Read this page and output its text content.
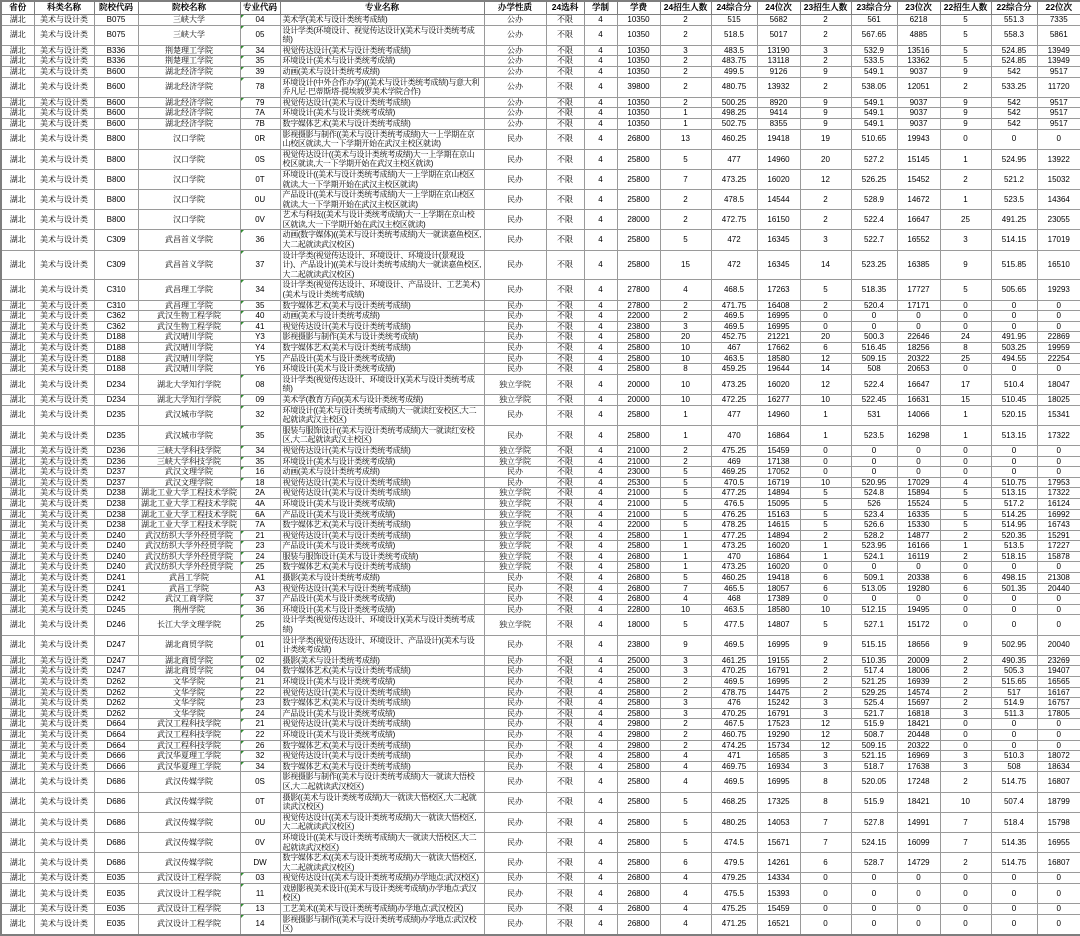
省份	科类名称	院校代码	院校名称	专业代码	专业名称	办学性质	24选科	学制	学费	24招生人数	24综合分	24位次	23招生人数	23综合分	23位次	22招生人数	22综合分	22位次
湖北	美术与设计类	B075	三峡大学	04	美术学(美术与设计类统考成绩)	公办	不限	4	10350	2	515	5682	2	561	6218	5	551.3	7335
湖北	美术与设计类	B075	三峡大学	05	设计学类(环境设计、视觉传达设计)(美术与设计类统考成绩)	公办	不限	4	10350	2	518.5	5017	2	567.65	4885	5	558.3	5861
湖北	美术与设计类	B336	荆楚理工学院	34	视觉传达设计(美术与设计类统考成绩)	公办	不限	4	10350	3	483.5	13190	3	532.9	13516	5	524.85	13949
湖北	美术与设计类	B336	荆楚理工学院	35	环境设计(美术与设计类统考成绩)	公办	不限	4	10350	2	483.75	13118	2	533.5	13362	5	524.85	13949
湖北	美术与设计类	B600	湖北经济学院	39	动画(美术与设计类统考成绩)	公办	不限	4	10350	2	499.5	9126	9	549.1	9037	9	542	9517
湖北	美术与设计类	B600	湖北经济学院	78	环境设计(中外合作办学)((美术与设计类统考成绩)与意大利乔凡尼·巴蒂斯塔·提埃坡罗美术学院合作)	公办	不限	4	39800	2	480.75	13932	2	538.05	12051	2	533.25	11720
湖北	美术与设计类	B600	湖北经济学院	79	视觉传达设计(美术与设计类统考成绩)	公办	不限	4	10350	2	500.25	8920	9	549.1	9037	9	542	9517
湖北	美术与设计类	B600	湖北经济学院	7A	环境设计(美术与设计类统考成绩)	公办	不限	4	10350	1	498.25	9414	9	549.1	9037	9	542	9517
湖北	美术与设计类	B600	湖北经济学院	7B	数字媒体艺术(美术与设计类统考成绩)	公办	不限	4	10350	1	502.75	8355	9	549.1	9037	9	542	9517
湖北	美术与设计类	B800	汉口学院	0R	影视摄影与制作((美术与设计类统考成绩)大一上学期在京山校区就读,大一下学期开始在武汉主校区就读)	民办	不限	4	26800	13	460.25	19418	19	510.65	19943	0	0	0
湖北	美术与设计类	B800	汉口学院	0S	视觉传达设计((美术与设计类统考成绩)大一上学期在京山校区就读,大一下学期开始在武汉主校区就读)	民办	不限	4	25800	5	477	14960	20	527.2	15145	1	524.95	13922
湖北	美术与设计类	B800	汉口学院	0T	环境设计((美术与设计类统考成绩)大一上学期在京山校区就读,大一下学期开始在武汉主校区就读)	民办	不限	4	25800	7	473.25	16020	12	526.25	15452	2	521.2	15032
湖北	美术与设计类	B800	汉口学院	0U	产品设计((美术与设计类统考成绩)大一上学期在京山校区就读,大一下学期开始在武汉主校区就读)	民办	不限	4	25800	2	478.5	14544	2	528.9	14672	1	523.5	14364
湖北	美术与设计类	B800	汉口学院	0V	艺术与科技((美术与设计类统考成绩)大一上学期在京山校区就读,大一下学期开始在武汉主校区就读)	民办	不限	4	28000	2	472.75	16150	2	522.4	16647	25	491.25	23055
湖北	美术与设计类	C309	武昌首义学院	36	动画(数字媒体)((美术与设计类统考成绩)大一就读嘉鱼校区,大二起就读武汉校区)	民办	不限	4	25800	5	472	16345	3	522.7	16552	3	514.15	17019
湖北	美术与设计类	C309	武昌首义学院	37	设计学类(视觉传达设计、环境设计、环境设计(景观设计)、产品设计)((美术与设计类统考成绩)大一就读嘉鱼校区,大二起就读武汉校区)	民办	不限	4	25800	15	472	16345	14	523.25	16385	9	515.85	16510
湖北	美术与设计类	C310	武昌理工学院	34	设计学类(视觉传达设计、环境设计、产品设计、工艺美术)(美术与设计类统考成绩)	民办	不限	4	27800	4	468.5	17263	5	518.35	17727	5	505.65	19293
湖北	美术与设计类	C310	武昌理工学院	35	数字媒体艺术(美术与设计类统考成绩)	民办	不限	4	27800	2	471.75	16408	2	520.4	17171	0	0	0
湖北	美术与设计类	C362	武汉生物工程学院	40	动画(美术与设计类统考成绩)	民办	不限	4	22000	2	469.5	16995	0	0	0	0	0	0
湖北	美术与设计类	C362	武汉生物工程学院	41	视觉传达设计(美术与设计类统考成绩)	民办	不限	4	23800	3	469.5	16995	0	0	0	0	0	0
湖北	美术与设计类	D188	武汉晴川学院	Y3	影视摄影与制作(美术与设计类统考成绩)	民办	不限	4	25800	20	452.75	21221	20	500.3	22646	24	491.95	22869
湖北	美术与设计类	D188	武汉晴川学院	Y4	数字媒体艺术(美术与设计类统考成绩)	民办	不限	4	25800	10	467	17662	6	516.45	18256	8	503.25	19959
湖北	美术与设计类	D188	武汉晴川学院	Y5	产品设计(美术与设计类统考成绩)	民办	不限	4	25800	10	463.5	18580	12	509.15	20322	25	494.55	22254
湖北	美术与设计类	D188	武汉晴川学院	Y6	环境设计(美术与设计类统考成绩)	民办	不限	4	25800	8	459.25	19644	14	508	20653	0	0	0
湖北	美术与设计类	D234	湖北大学知行学院	08	设计学类(视觉传达设计、环境设计)(美术与设计类统考成绩)	独立学院	不限	4	20000	10	473.25	16020	12	522.4	16647	17	510.4	18047
湖北	美术与设计类	D234	湖北大学知行学院	09	美术学(教育方向)(美术与设计类统考成绩)	独立学院	不限	4	20000	10	472.25	16277	10	522.45	16631	15	510.45	18025
湖北	美术与设计类	D235	武汉城市学院	32	环境设计((美术与设计类统考成绩)大一就读红安校区,大二起就读武汉主校区)	民办	不限	4	25800	1	477	14960	1	531	14066	1	520.15	15341
湖北	美术与设计类	D235	武汉城市学院	35	服装与服饰设计((美术与设计类统考成绩)大一就读红安校区,大二起就读武汉主校区)	民办	不限	4	25800	1	470	16864	1	523.5	16298	1	513.15	17322
湖北	美术与设计类	D236	三峡大学科技学院	34	视觉传达设计(美术与设计类统考成绩)	独立学院	不限	4	21000	2	475.25	15459	0	0	0	0	0	0
湖北	美术与设计类	D236	三峡大学科技学院	35	环境设计(美术与设计类统考成绩)	独立学院	不限	4	21000	2	469	17138	0	0	0	0	0	0
湖北	美术与设计类	D237	武汉文理学院	16	动画(美术与设计类统考成绩)	民办	不限	4	23000	5	469.25	17052	0	0	0	0	0	0
湖北	美术与设计类	D237	武汉文理学院	18	视觉传达设计(美术与设计类统考成绩)	民办	不限	4	25300	5	470.5	16719	10	520.95	17029	4	510.75	17953
湖北	美术与设计类	D238	湖北工业大学工程技术学院	2A	视觉传达设计(美术与设计类统考成绩)	独立学院	不限	4	21000	5	477.25	14894	5	524.8	15894	5	513.15	17322
湖北	美术与设计类	D238	湖北工业大学工程技术学院	4A	环境设计(美术与设计类统考成绩)	独立学院	不限	4	21000	5	476.5	15095	5	526	15524	5	517.2	16124
湖北	美术与设计类	D238	湖北工业大学工程技术学院	6A	产品设计(美术与设计类统考成绩)	独立学院	不限	4	21000	5	476.25	15163	5	523.4	16335	5	514.25	16992
湖北	美术与设计类	D238	湖北工业大学工程技术学院	7A	数字媒体艺术(美术与设计类统考成绩)	独立学院	不限	4	22000	5	478.25	14615	5	526.6	15330	5	514.95	16743
湖北	美术与设计类	D240	武汉纺织大学外经贸学院	21	视觉传达设计(美术与设计类统考成绩)	独立学院	不限	4	25800	1	477.25	14894	2	528.2	14877	2	520.35	15291
湖北	美术与设计类	D240	武汉纺织大学外经贸学院	23	产品设计(美术与设计类统考成绩)	独立学院	不限	4	25800	1	473.25	16020	1	523.95	16166	1	513.5	17227
湖北	美术与设计类	D240	武汉纺织大学外经贸学院	24	服装与服饰设计(美术与设计类统考成绩)	独立学院	不限	4	26800	1	470	16864	1	524.1	16119	2	518.15	15878
湖北	美术与设计类	D240	武汉纺织大学外经贸学院	25	数字媒体艺术(美术与设计类统考成绩)	独立学院	不限	4	25800	1	473.25	16020	0	0	0	0	0	0
湖北	美术与设计类	D241	武昌工学院	A1	摄影(美术与设计类统考成绩)	民办	不限	4	26800	5	460.25	19418	6	509.1	20338	6	498.15	21308
湖北	美术与设计类	D241	武昌工学院	A3	视觉传达设计(美术与设计类统考成绩)	民办	不限	4	26800	7	465.5	18057	6	513.05	19280	6	501.35	20440
湖北	美术与设计类	D242	武汉工商学院	37	产品设计(美术与设计类统考成绩)	民办	不限	4	26800	4	468	17389	0	0	0	0	0	0
湖北	美术与设计类	D245	荆州学院	36	环境设计(美术与设计类统考成绩)	民办	不限	4	22800	10	463.5	18580	10	512.15	19495	0	0	0
湖北	美术与设计类	D246	长江大学文理学院	25	设计学类(视觉传达设计、环境设计)(美术与设计类统考成绩)	独立学院	不限	4	18000	5	477.5	14807	5	527.1	15172	0	0	0
湖北	美术与设计类	D247	湖北商贸学院	01	设计学类(视觉传达设计、环境设计、产品设计)(美术与设计类统考成绩)	民办	不限	4	23800	9	469.5	16995	9	515.15	18656	9	502.95	20040
湖北	美术与设计类	D247	湖北商贸学院	02	摄影(美术与设计类统考成绩)	民办	不限	4	25000	3	461.25	19155	2	510.35	20009	2	490.35	23269
湖北	美术与设计类	D247	湖北商贸学院	04	数字媒体艺术(美术与设计类统考成绩)	民办	不限	4	25000	3	470.25	16791	2	517.4	18006	2	505.3	19407
湖北	美术与设计类	D262	文华学院	21	环境设计(美术与设计类统考成绩)	民办	不限	4	25800	2	469.5	16995	2	521.25	16939	2	515.65	16565
湖北	美术与设计类	D262	文华学院	22	视觉传达设计(美术与设计类统考成绩)	民办	不限	4	25800	2	478.75	14475	2	529.25	14574	2	517	16167
湖北	美术与设计类	D262	文华学院	23	数字媒体艺术(美术与设计类统考成绩)	民办	不限	4	25800	3	476	15242	3	525.4	15697	2	514.9	16757
湖北	美术与设计类	D262	文华学院	24	产品设计(美术与设计类统考成绩)	民办	不限	4	25800	3	470.25	16791	3	521.7	16818	3	511.3	17805
湖北	美术与设计类	D664	武汉工程科技学院	21	视觉传达设计(美术与设计类统考成绩)	民办	不限	4	29800	2	467.5	17523	12	515.9	18421	0	0	0
湖北	美术与设计类	D664	武汉工程科技学院	22	环境设计(美术与设计类统考成绩)	民办	不限	4	29800	2	460.75	19290	12	508.7	20448	0	0	0
湖北	美术与设计类	D664	武汉工程科技学院	26	数字媒体艺术(美术与设计类统考成绩)	民办	不限	4	29800	2	474.25	15734	12	509.15	20322	0	0	0
湖北	美术与设计类	D666	武汉华夏理工学院	32	视觉传达设计(美术与设计类统考成绩)	民办	不限	4	25800	4	471	16585	3	521.15	16969	3	510.3	18072
湖北	美术与设计类	D666	武汉华夏理工学院	34	数字媒体艺术(美术与设计类统考成绩)	民办	不限	4	25800	4	469.75	16934	3	518.7	17638	3	508	18634
湖北	美术与设计类	D686	武汉传媒学院	0S	影视摄影与制作((美术与设计类统考成绩)大一就读大悟校区,大二起就读武汉校区)	民办	不限	4	25800	4	469.5	16995	8	520.05	17248	2	514.75	16807
湖北	美术与设计类	D686	武汉传媒学院	0T	摄影((美术与设计类统考成绩)大一就读大悟校区,大二起就读武汉校区)	民办	不限	4	25800	5	468.25	17325	8	515.9	18421	10	507.4	18799
湖北	美术与设计类	D686	武汉传媒学院	0U	视觉传达设计((美术与设计类统考成绩)大一就读大悟校区,大二起就读武汉校区)	民办	不限	4	25800	5	480.25	14053	7	527.8	14991	7	518.4	15798
湖北	美术与设计类	D686	武汉传媒学院	0V	环境设计((美术与设计类统考成绩)大一就读大悟校区,大二起就读武汉校区)	民办	不限	4	25800	5	474.5	15671	7	524.15	16099	7	514.35	16955
湖北	美术与设计类	D686	武汉传媒学院	DW	数字媒体艺术((美术与设计类统考成绩)大一就读大悟校区,大二起就读武汉校区)	民办	不限	4	25800	6	479.5	14261	6	528.7	14729	2	514.75	16807
湖北	美术与设计类	E035	武汉设计工程学院	03	视觉传达设计((美术与设计类统考成绩)办学地点:武汉校区)	民办	不限	4	26800	4	479.25	14334	0	0	0	0	0	0
湖北	美术与设计类	E035	武汉设计工程学院	11	戏剧影视美术设计((美术与设计类统考成绩)办学地点:武汉校区)	民办	不限	4	26800	4	475.5	15393	0	0	0	0	0	0
湖北	美术与设计类	E035	武汉设计工程学院	13	工艺美术((美术与设计类统考成绩)办学地点:武汉校区)	民办	不限	4	26800	4	475.25	15459	0	0	0	0	0	0
湖北	美术与设计类	E035	武汉设计工程学院	14	影视摄影与制作((美术与设计类统考成绩)办学地点:武汉校区)	民办	不限	4	26800	4	471.25	16521	0	0	0	0	0	0
